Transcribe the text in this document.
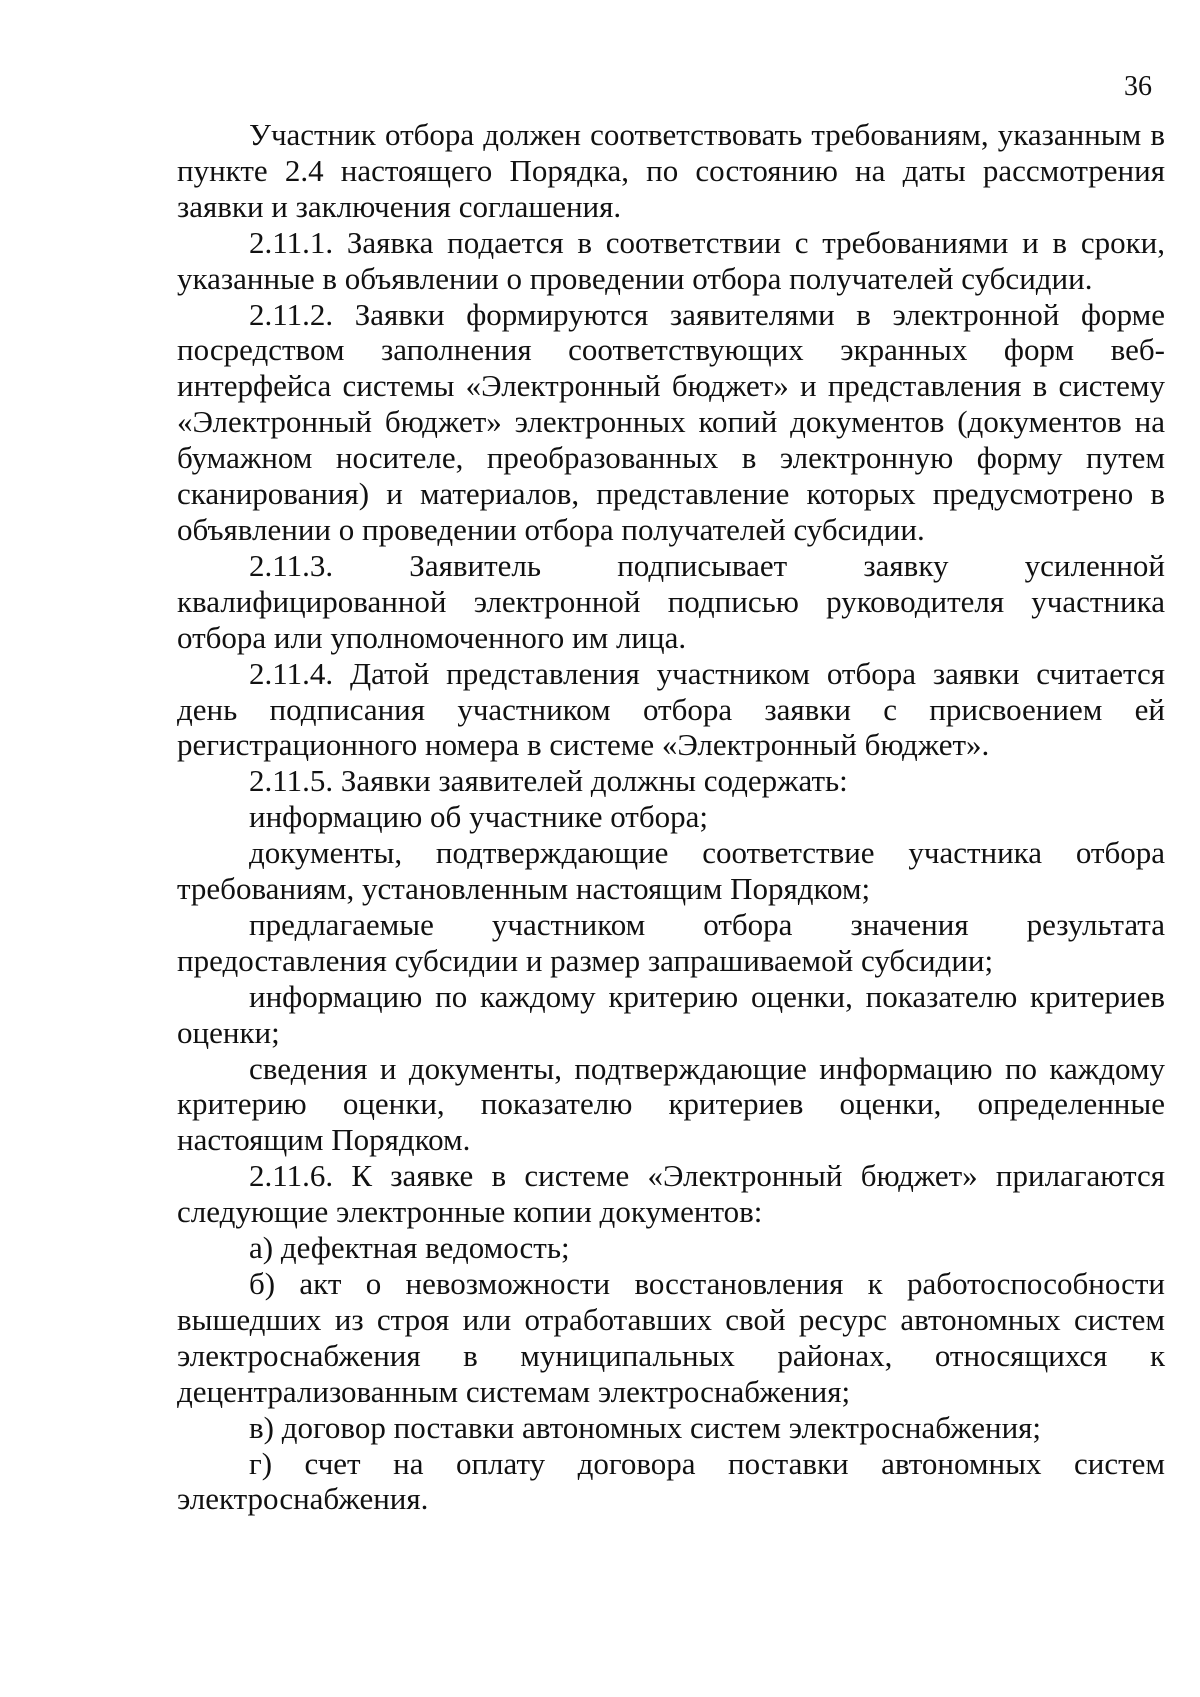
36

Участник отбора должен соответствовать требованиям, указанным в пункте 2.4 настоящего Порядка, по состоянию на даты рассмотрения заявки и заключения соглашения.

2.11.1. Заявка подается в соответствии с требованиями и в сроки, указанные в объявлении о проведении отбора получателей субсидии.

2.11.2. Заявки формируются заявителями в электронной форме посредством заполнения соответствующих экранных форм веб-интерфейса системы «Электронный бюджет» и представления в систему «Электронный бюджет» электронных копий документов (документов на бумажном носителе, преобразованных в электронную форму путем сканирования) и материалов, представление которых предусмотрено в объявлении о проведении отбора получателей субсидии.

2.11.3. Заявитель подписывает заявку усиленной квалифицированной электронной подписью руководителя участника отбора или уполномоченного им лица.

2.11.4. Датой представления участником отбора заявки считается день подписания участником отбора заявки с присвоением ей регистрационного номера в системе «Электронный бюджет».

2.11.5. Заявки заявителей должны содержать:

информацию об участнике отбора;

документы, подтверждающие соответствие участника отбора требованиям, установленным настоящим Порядком;

предлагаемые участником отбора значения результата предоставления субсидии и размер запрашиваемой субсидии;

информацию по каждому критерию оценки, показателю критериев оценки;

сведения и документы, подтверждающие информацию по каждому критерию оценки, показателю критериев оценки, определенные настоящим Порядком.

2.11.6. К заявке в системе «Электронный бюджет» прилагаются следующие электронные копии документов:

а) дефектная ведомость;

б) акт о невозможности восстановления к работоспособности вышедших из строя или отработавших свой ресурс автономных систем электроснабжения в муниципальных районах, относящихся к децентрализованным системам электроснабжения;

в) договор поставки автономных систем электроснабжения;

г) счет на оплату договора поставки автономных систем электроснабжения.
